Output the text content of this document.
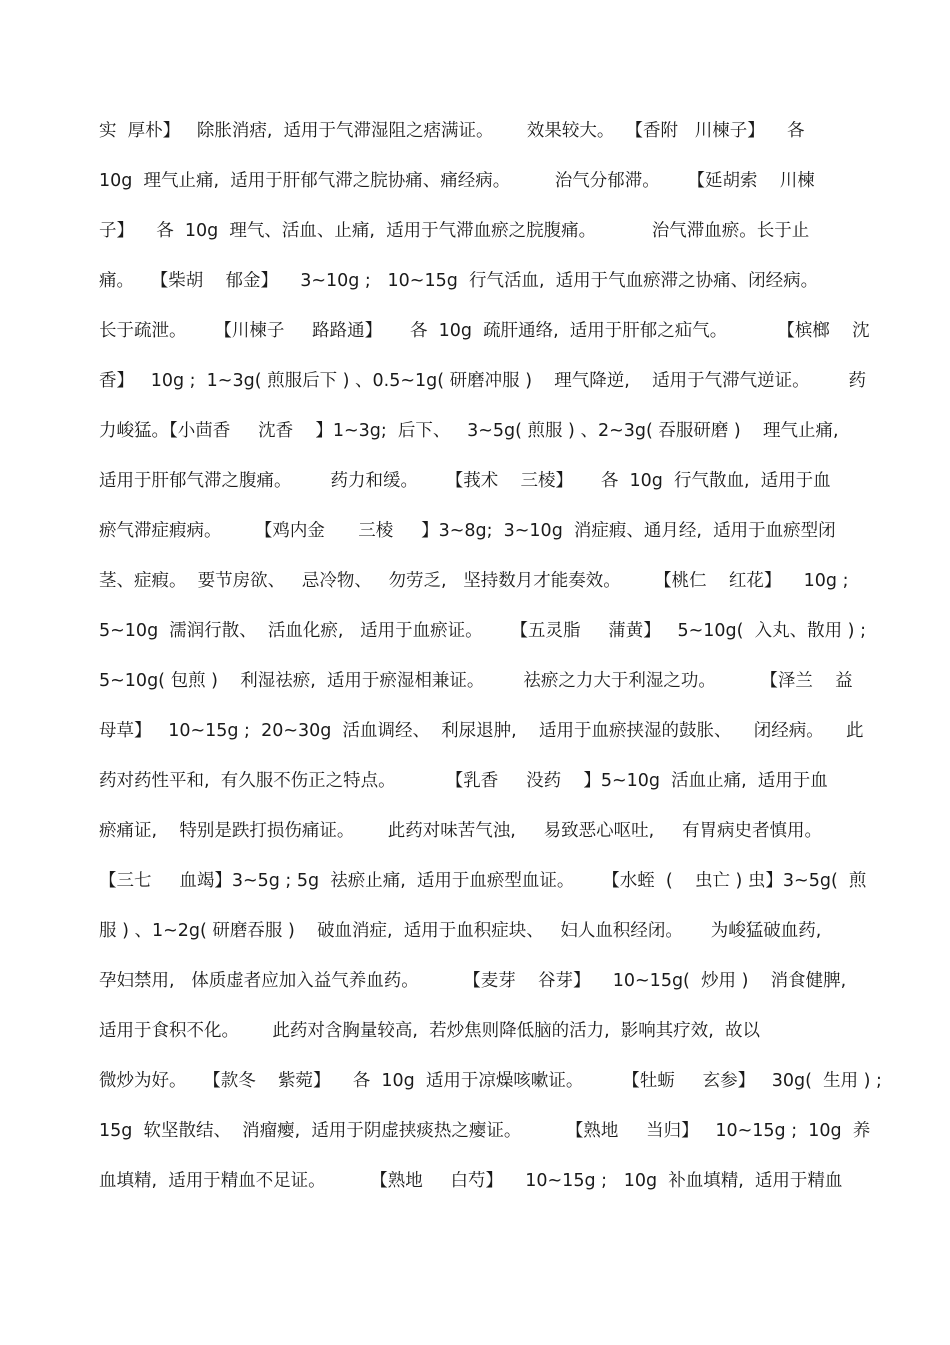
实  厚朴】   除胀消痞,  适用于气滞湿阻之痞满证。      效果较大。  【香附   川楝子】    各
10g  理气止痛,  适用于肝郁气滞之脘协痛、痛经病。        治气分郁滞。     【延胡索    川楝
子】    各  10g  理气、活血、止痛,  适用于气滞血瘀之脘腹痛。          治气滞血瘀。长于止
痛。   【柴胡    郁金】    3~10g ;   10~15g  行气活血,  适用于气血瘀滞之协痛、闭经病。
长于疏泄。     【川楝子     路路通】     各  10g  疏肝通络,  适用于肝郁之疝气。         【槟榔    沈
香】   10g ;  1~3g( 煎服后下 ) 、0.5~1g( 研磨冲服 )    理气降逆,    适用于气滞气逆证。       药
力峻猛。【小茴香     沈香    】1~3g;  后下、   3~5g( 煎服 ) 、2~3g( 吞服研磨 )    理气止痛,
适用于肝郁气滞之腹痛。       药力和缓。     【莪术    三棱】     各  10g  行气散血,  适用于血
瘀气滞症瘕病。      【鸡内金      三棱     】3~8g;  3~10g  消症瘕、通月经,  适用于血瘀型闭
茎、症瘕。  要节房欲、   忌冷物、   勿劳乏,   坚持数月才能奏效。      【桃仁    红花】    10g ;
5~10g  濡润行散、  活血化瘀,   适用于血瘀证。     【五灵脂     蒲黄】   5~10g(  入丸、散用 ) ;
5~10g( 包煎 )    利湿祛瘀,  适用于瘀湿相兼证。       祛瘀之力大于利湿之功。        【泽兰    益
母草】   10~15g ;  20~30g  活血调经、  利尿退肿,    适用于血瘀挟湿的鼓胀、    闭经病。    此
药对药性平和,  有久服不伤正之特点。         【乳香     没药    】5~10g  活血止痛,  适用于血
瘀痛证,    特别是跌打损伤痛证。      此药对味苦气浊,     易致恶心呕吐,     有胃病史者慎用。
【三七     血竭】3~5g ; 5g  祛瘀止痛,  适用于血瘀型血证。     【水蛭  (    虫亡 ) 虫】3~5g(  煎
服 ) 、1~2g( 研磨吞服 )    破血消症,  适用于血积症块、   妇人血积经闭。     为峻猛破血药,
孕妇禁用,   体质虚者应加入益气养血药。        【麦芽    谷芽】    10~15g(  炒用 )    消食健脾,
适用于食积不化。      此药对含胸量较高,  若炒焦则降低脑的活力,  影响其疗效,  故以
微炒为好。   【款冬    紫菀】    各  10g  适用于凉燥咳嗽证。       【牡蛎     玄参】   30g(  生用 ) ;
15g  软坚散结、  消瘤瘿,  适用于阴虚挟痰热之瘿证。        【熟地     当归】   10~15g ;  10g  养
血填精,  适用于精血不足证。        【熟地     白芍】    10~15g ;   10g  补血填精,  适用于精血
